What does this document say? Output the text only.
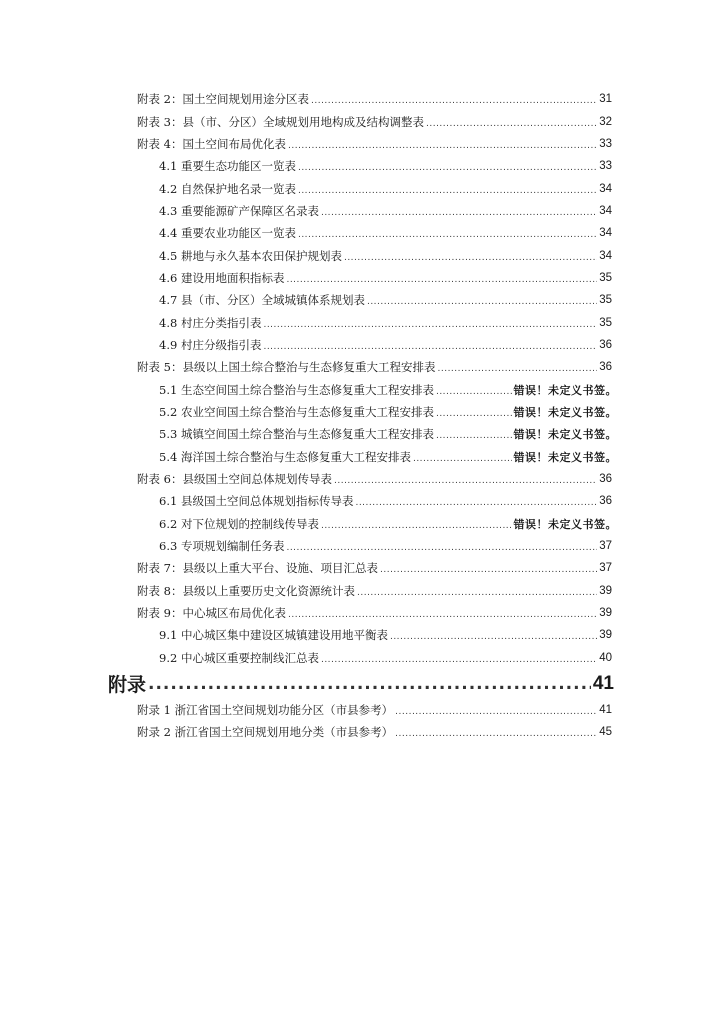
附表 2：国土空间规划用途分区表 .....	31
附表 3：县（市、分区）全域规划用地构成及结构调整表 .....	32
附表 4：国土空间布局优化表 .....	33
4.1 重要生态功能区一览表 .....	33
4.2 自然保护地名录一览表 .....	34
4.3 重要能源矿产保障区名录表 .....	34
4.4 重要农业功能区一览表 .....	34
4.5 耕地与永久基本农田保护规划表 .....	34
4.6 建设用地面积指标表 .....	35
4.7 县（市、分区）全域城镇体系规划表 .....	35
4.8 村庄分类指引表 .....	35
4.9 村庄分级指引表 .....	36
附表 5：县级以上国土综合整治与生态修复重大工程安排表 .....	36
5.1 生态空间国土综合整治与生态修复重大工程安排表 .....	错误！未定义书签。
5.2 农业空间国土综合整治与生态修复重大工程安排表 .....	错误！未定义书签。
5.3 城镇空间国土综合整治与生态修复重大工程安排表 .....	错误！未定义书签。
5.4 海洋国土综合整治与生态修复重大工程安排表 .....	错误！未定义书签。
附表 6：县级国土空间总体规划传导表 .....	36
6.1 县级国土空间总体规划指标传导表 .....	36
6.2 对下位规划的控制线传导表 .....	错误！未定义书签。
6.3 专项规划编制任务表 .....	37
附表 7：县级以上重大平台、设施、项目汇总表 .....	37
附表 8：县级以上重要历史文化资源统计表 .....	39
附表 9：中心城区布局优化表 .....	39
9.1 中心城区集中建设区城镇建设用地平衡表 .....	39
9.2 中心城区重要控制线汇总表 .....	40
附录 .....	41
附录 1 浙江省国土空间规划功能分区（市县参考） .....	41
附录 2 浙江省国土空间规划用地分类（市县参考） .....	45
